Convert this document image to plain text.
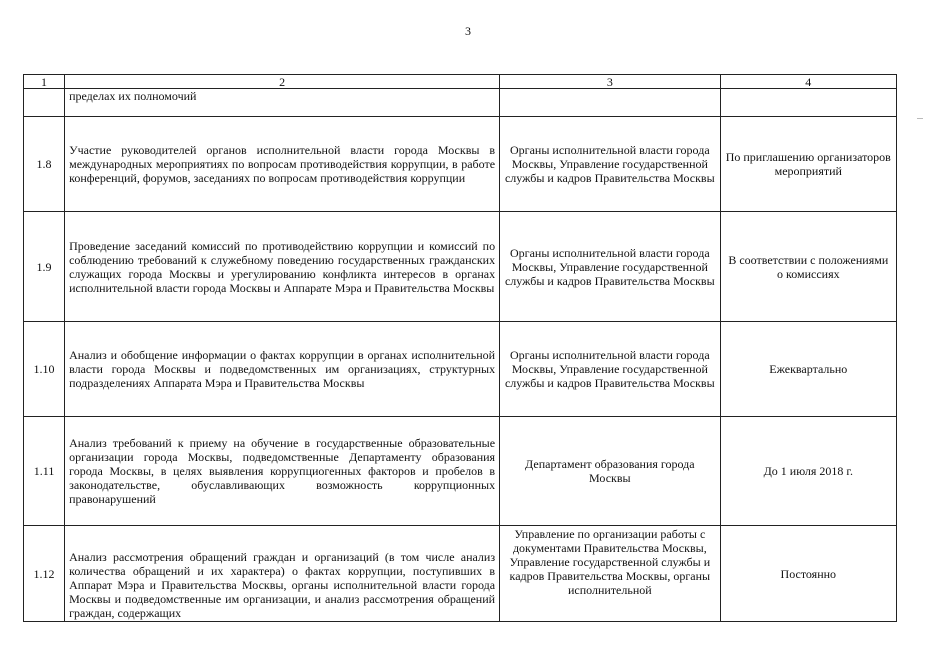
3
1	2	3	4
	пределах их полномочий		
1.8	Участие руководителей органов исполнительной власти города Москвы в международных мероприятиях по вопросам противодействия коррупции, в работе конференций, форумов, заседаниях по вопросам противодействия коррупции	Органы исполнительной власти города Москвы, Управление государственной службы и кадров Правительства Москвы	По приглашению организаторов мероприятий
1.9	Проведение заседаний комиссий по противодействию коррупции и комиссий по соблюдению требований к служебному поведению государственных гражданских служащих города Москвы и урегулированию конфликта интересов в органах исполнительной власти города Москвы и Аппарате Мэра и Правительства Москвы	Органы исполнительной власти города Москвы, Управление государственной службы и кадров Правительства Москвы	В соответствии с положениями о комиссиях
1.10	Анализ и обобщение информации о фактах коррупции в органах исполнительной власти города Москвы и подведомственных им организациях, структурных подразделениях Аппарата Мэра и Правительства Москвы	Органы исполнительной власти города Москвы, Управление государственной службы и кадров Правительства Москвы	Ежеквартально
1.11	Анализ требований к приему на обучение в государственные образовательные организации города Москвы, подведомственные Департаменту образования города Москвы, в целях выявления коррупциогенных факторов и пробелов в законодательстве, обуславливающих возможность коррупционных правонарушений	Департамент образования города Москвы	До 1 июля 2018 г.
1.12	Анализ рассмотрения обращений граждан и организаций (в том числе анализ количества обращений и их характера) о фактах коррупции, поступивших в Аппарат Мэра и Правительства Москвы, органы исполнительной власти города Москвы и подведомственные им организации, и анализ рассмотрения обращений граждан, содержащих	Управление по организации работы с документами Правительства Москвы, Управление государственной службы и кадров Правительства Москвы, органы исполнительной	Постоянно
